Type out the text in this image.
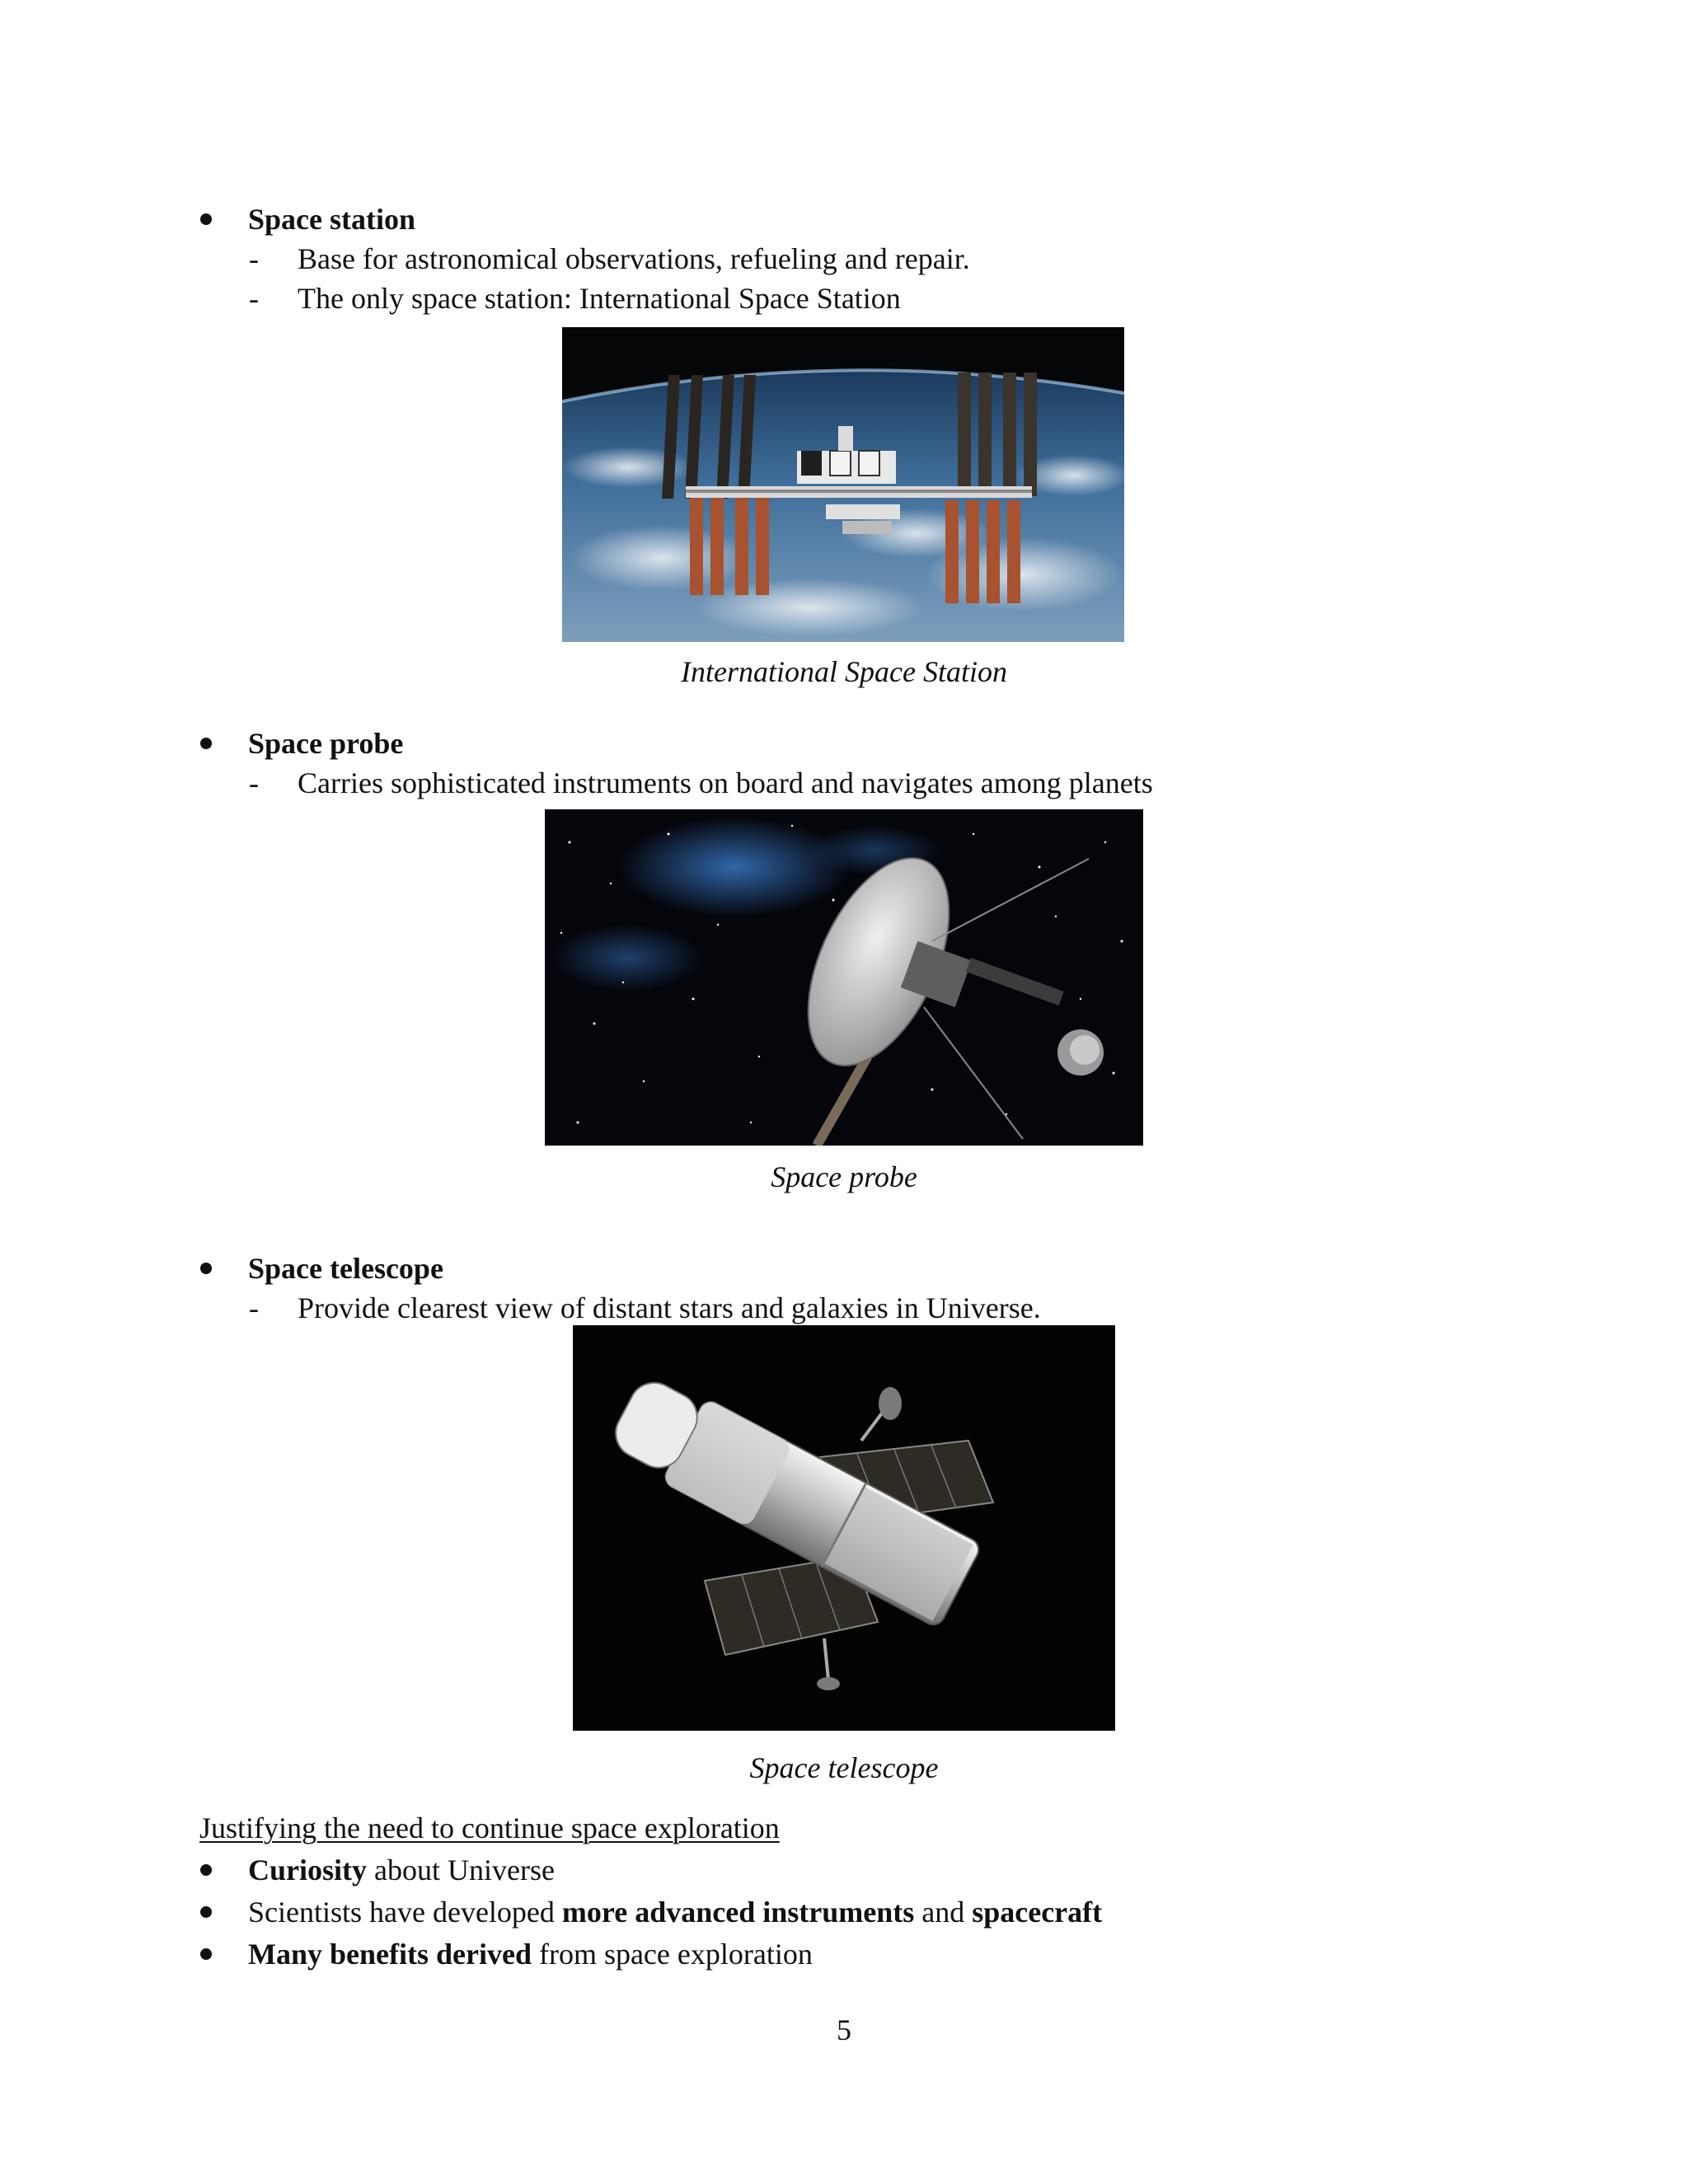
Space station
- Base for astronomical observations, refueling and repair.
- The only space station: International Space Station
International Space Station
Space probe
- Carries sophisticated instruments on board and navigates among planets
Space probe
Space telescope
- Provide clearest view of distant stars and galaxies in Universe.
Space telescope
Justifying the need to continue space exploration
Curiosity about Universe
Scientists have developed more advanced instruments and spacecraft
Many benefits derived from space exploration
5
